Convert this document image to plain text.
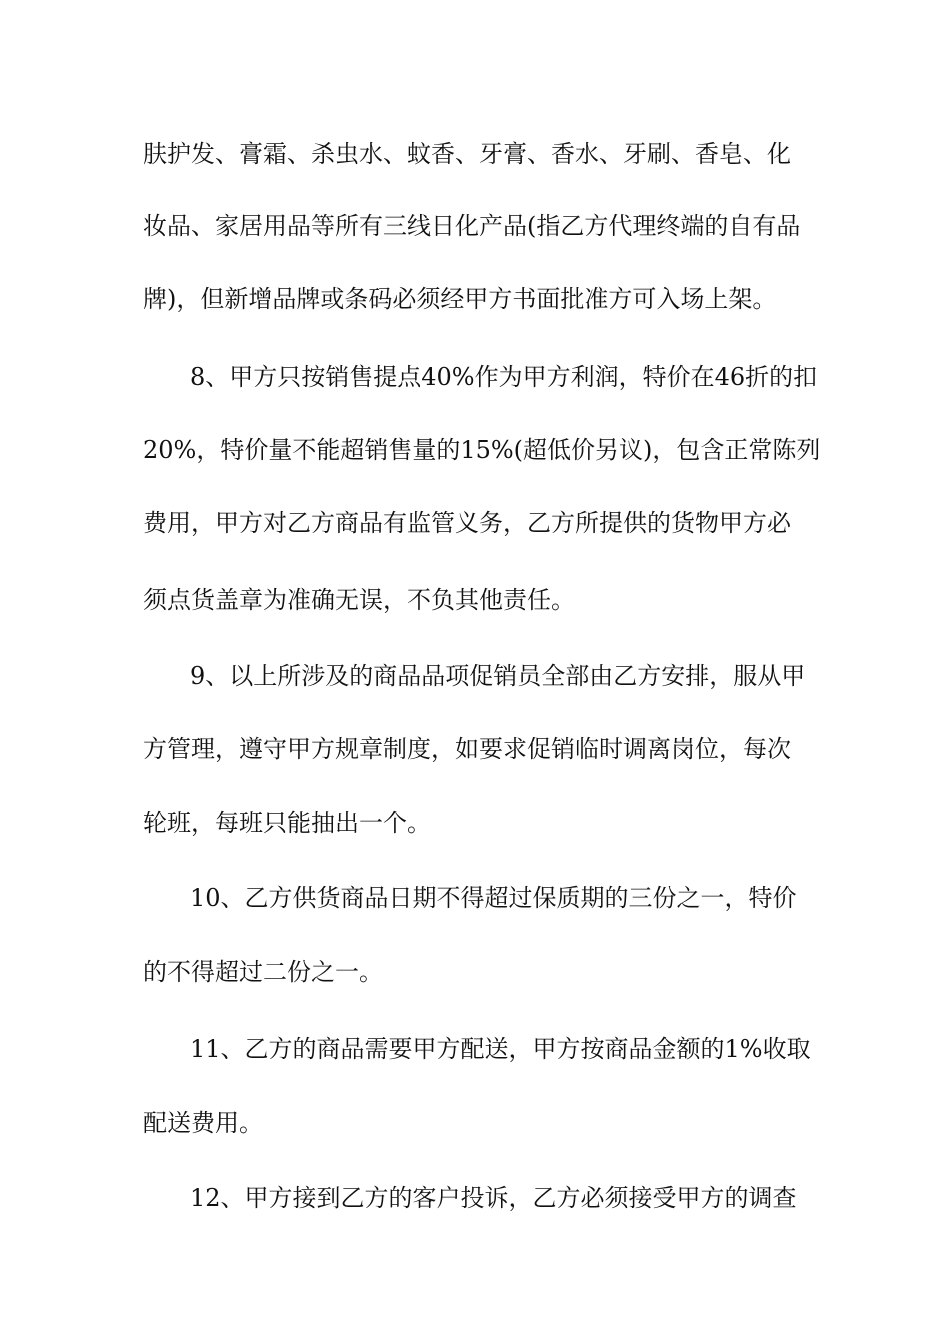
肤护发、膏霜、杀虫水、蚊香、牙膏、香水、牙刷、香皂、化
妆品、家居用品等所有三线日化产品(指乙方代理终端的自有品
牌)，但新增品牌或条码必须经甲方书面批准方可入场上架。
8、甲方只按销售提点40%作为甲方利润，特价在46折的扣
20%，特价量不能超销售量的15%(超低价另议)，包含正常陈列
费用，甲方对乙方商品有监管义务，乙方所提供的货物甲方必
须点货盖章为准确无误，不负其他责任。
9、以上所涉及的商品品项促销员全部由乙方安排，服从甲
方管理，遵守甲方规章制度，如要求促销临时调离岗位，每次
轮班，每班只能抽出一个。
10、乙方供货商品日期不得超过保质期的三份之一，特价
的不得超过二份之一。
11、乙方的商品需要甲方配送，甲方按商品金额的1%收取
配送费用。
12、甲方接到乙方的客户投诉，乙方必须接受甲方的调查
